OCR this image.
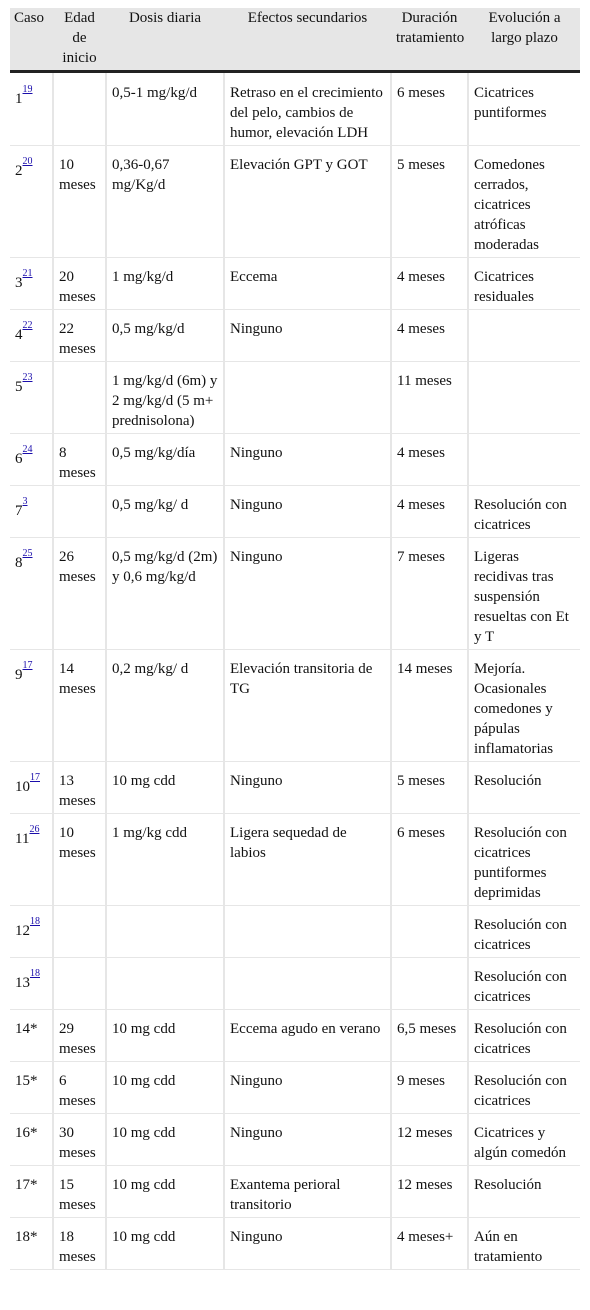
Caso	Edad de inicio	Dosis diaria	Efectos secundarios	Duración tratamiento	Evolución a largo plazo
1$^{^{19}}$		0,5-1 mg/kg/d	Retraso en el crecimiento del pelo, cambios de humor, elevación LDH	6 meses	Cicatrices puntiformes
2$^{^{20}}$	10 meses	0,36-0,67 mg/Kg/d	Elevación GPT y GOT	5 meses	Comedones cerrados, cicatrices atróficas moderadas
3$^{^{21}}$	20 meses	1 mg/kg/d	Eccema	4 meses	Cicatrices residuales
4$^{^{22}}$	22 meses	0,5 mg/kg/d	Ninguno	4 meses	
5$^{^{23}}$		1 mg/kg/d (6m) y 2 mg/kg/d (5 m+ prednisolona)		11 meses	
6$^{^{24}}$	8 meses	0,5 mg/kg/día	Ninguno	4 meses	
7$^{^3}$		0,5 mg/kg/ d	Ninguno	4 meses	Resolución con cicatrices
8$^{^{25}}$	26 meses	0,5 mg/kg/d (2m) y 0,6 mg/kg/d	Ninguno	7 meses	Ligeras recidivas tras suspensión resueltas con Et y T
9$^{^{17}}$	14 meses	0,2 mg/kg/ d	Elevación transitoria de TG	14 meses	Mejoría. Ocasionales comedones y pápulas inflamatorias
10$^{^{17}}$	13 meses	10 mg cdd	Ninguno	5 meses	Resolución
11$^{^{26}}$	10 meses	1 mg/kg cdd	Ligera sequedad de labios	6 meses	Resolución con cicatrices puntiformes deprimidas
12$^{^{18}}$					Resolución con cicatrices
13$^{^{18}}$					Resolución con cicatrices
14*	29 meses	10 mg cdd	Eccema agudo en verano	6,5 meses	Resolución con cicatrices
15*	6 meses	10 mg cdd	Ninguno	9 meses	Resolución con cicatrices
16*	30 meses	10 mg cdd	Ninguno	12 meses	Cicatrices y algún comedón
17*	15 meses	10 mg cdd	Exantema perioral transitorio	12 meses	Resolución
18*	18 meses	10 mg cdd	Ninguno	4 meses+	Aún en tratamiento
